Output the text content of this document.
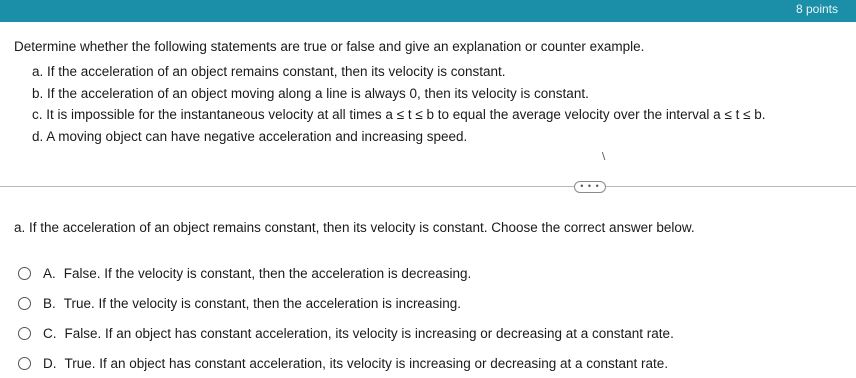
8 points

Determine whether the following statements are true or false and give an explanation or counter example.

a. If the acceleration of an object remains constant, then its velocity is constant.
b. If the acceleration of an object moving along a line is always 0, then its velocity is constant.
c. It is impossible for the instantaneous velocity at all times a ≤ t ≤ b to equal the average velocity over the interval a ≤ t ≤ b.
d. A moving object can have negative acceleration and increasing speed.
∖
• • •
a. If the acceleration of an object remains constant, then its velocity is constant. Choose the correct answer below.
A. False. If the velocity is constant, then the acceleration is decreasing.
B. True. If the velocity is constant, then the acceleration is increasing.
C. False. If an object has constant acceleration, its velocity is increasing or decreasing at a constant rate.
D. True. If an object has constant acceleration, its velocity is increasing or decreasing at a constant rate.
